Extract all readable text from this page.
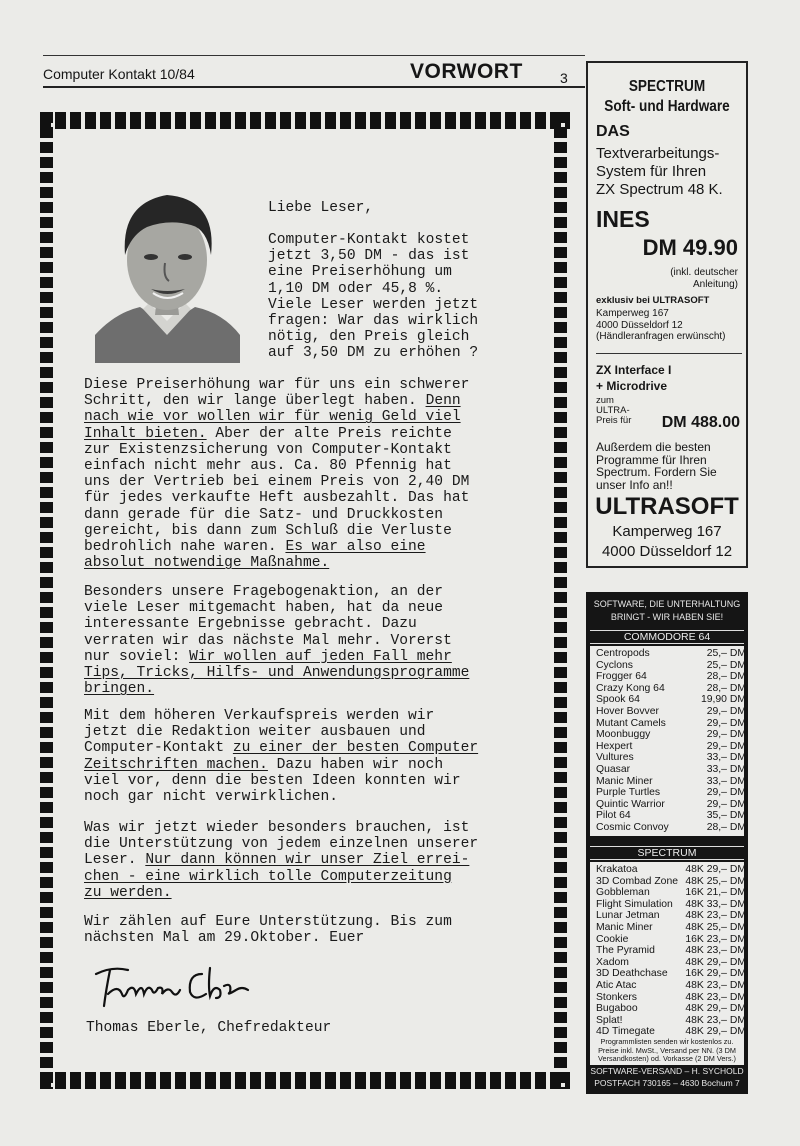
Computer Kontakt 10/84	VORWORT	3
Liebe Leser,
Computer-Kontakt kostet
jetzt 3,50 DM - das ist
eine Preiserhöhung um
1,10 DM oder 45,8 %.
Viele Leser werden jetzt
fragen: War das wirklich
nötig, den Preis gleich
auf 3,50 DM zu erhöhen ?
Diese Preiserhöhung war für uns ein schwerer
Schritt, den wir lange überlegt haben. Denn
nach wie vor wollen wir für wenig Geld viel
Inhalt bieten. Aber der alte Preis reichte
zur Existenzsicherung von Computer-Kontakt
einfach nicht mehr aus. Ca. 80 Pfennig hat
uns der Vertrieb bei einem Preis von 2,40 DM
für jedes verkaufte Heft ausbezahlt. Das hat
dann gerade für die Satz- und Druckkosten
gereicht, bis dann zum Schluß die Verluste
bedrohlich nahe waren. Es war also eine
absolut notwendige Maßnahme.
Besonders unsere Fragebogenaktion, an der
viele Leser mitgemacht haben, hat da neue
interessante Ergebnisse gebracht. Dazu
verraten wir das nächste Mal mehr. Vorerst
nur soviel: Wir wollen auf jeden Fall mehr
Tips, Tricks, Hilfs- und Anwendungsprogramme
bringen.
Mit dem höheren Verkaufspreis werden wir
jetzt die Redaktion weiter ausbauen und
Computer-Kontakt zu einer der besten Computer
Zeitschriften machen. Dazu haben wir noch
viel vor, denn die besten Ideen konnten wir
noch gar nicht verwirklichen.
Was wir jetzt wieder besonders brauchen, ist
die Unterstützung von jedem einzelnen unserer
Leser. Nur dann können wir unser Ziel errei-
chen - eine wirklich tolle Computerzeitung
zu werden.
Wir zählen auf Eure Unterstützung. Bis zum
nächsten Mal am 29.Oktober. Euer
Thomas Eberle, Chefredakteur
SPECTRUM
Soft- und Hardware
DAS
Textverarbeitungs-
System für Ihren
ZX Spectrum 48 K.
INES
DM 49.90
(inkl. deutscher
Anleitung)
exklusiv bei ULTRASOFT
Kamperweg 167
4000 Düsseldorf 12
(Händleranfragen erwünscht)
ZX Interface I
+ Microdrive
zum
ULTRA-
Preis für DM 488.00
Außerdem die besten
Programme für Ihren
Spectrum. Fordern Sie
unser Info an!!
ULTRASOFT
Kamperweg 167
4000 Düsseldorf 12
SOFTWARE, DIE UNTERHALTUNG
BRINGT - WIR HABEN SIE!
COMMODORE 64
Centropods	25,– DM
Cyclons	25,– DM
Frogger 64	28,– DM
Crazy Kong 64	28,– DM
Spook 64	19,90 DM
Hover Bovver	29,– DM
Mutant Camels	29,– DM
Moonbuggy	29,– DM
Hexpert	29,– DM
Vultures	33,– DM
Quasar	33,– DM
Manic Miner	33,– DM
Purple Turtles	29,– DM
Quintic Warrior	29,– DM
Pilot 64	35,– DM
Cosmic Convoy	28,– DM
SPECTRUM
Krakatoa	48K 29,– DM
3D Combad Zone 48K 25,– DM
Gobbleman	16K 21,– DM
Flight Simulation 48K 33,– DM
Lunar Jetman 48K 23,– DM
Manic Miner	48K 25,– DM
Cookie	16K 23,– DM
The Pyramid	48K 23,– DM
Xadom	48K 29,– DM
3D Deathchase 16K 29,– DM
Atic Atac	48K 23,– DM
Stonkers	48K 23,– DM
Bugaboo	48K 29,– DM
Splat!	48K 23,– DM
4D Timegate	48K 29,– DM
Programmlisten senden wir kostenlos zu. Preise inkl. MwSt., Versand per NN. (3 DM Versandkosten) od. Vorkasse (2 DM Vers.)
SOFTWARE-VERSAND – H. SYCHOLD
POSTFACH 730165 – 4630 Bochum 7
